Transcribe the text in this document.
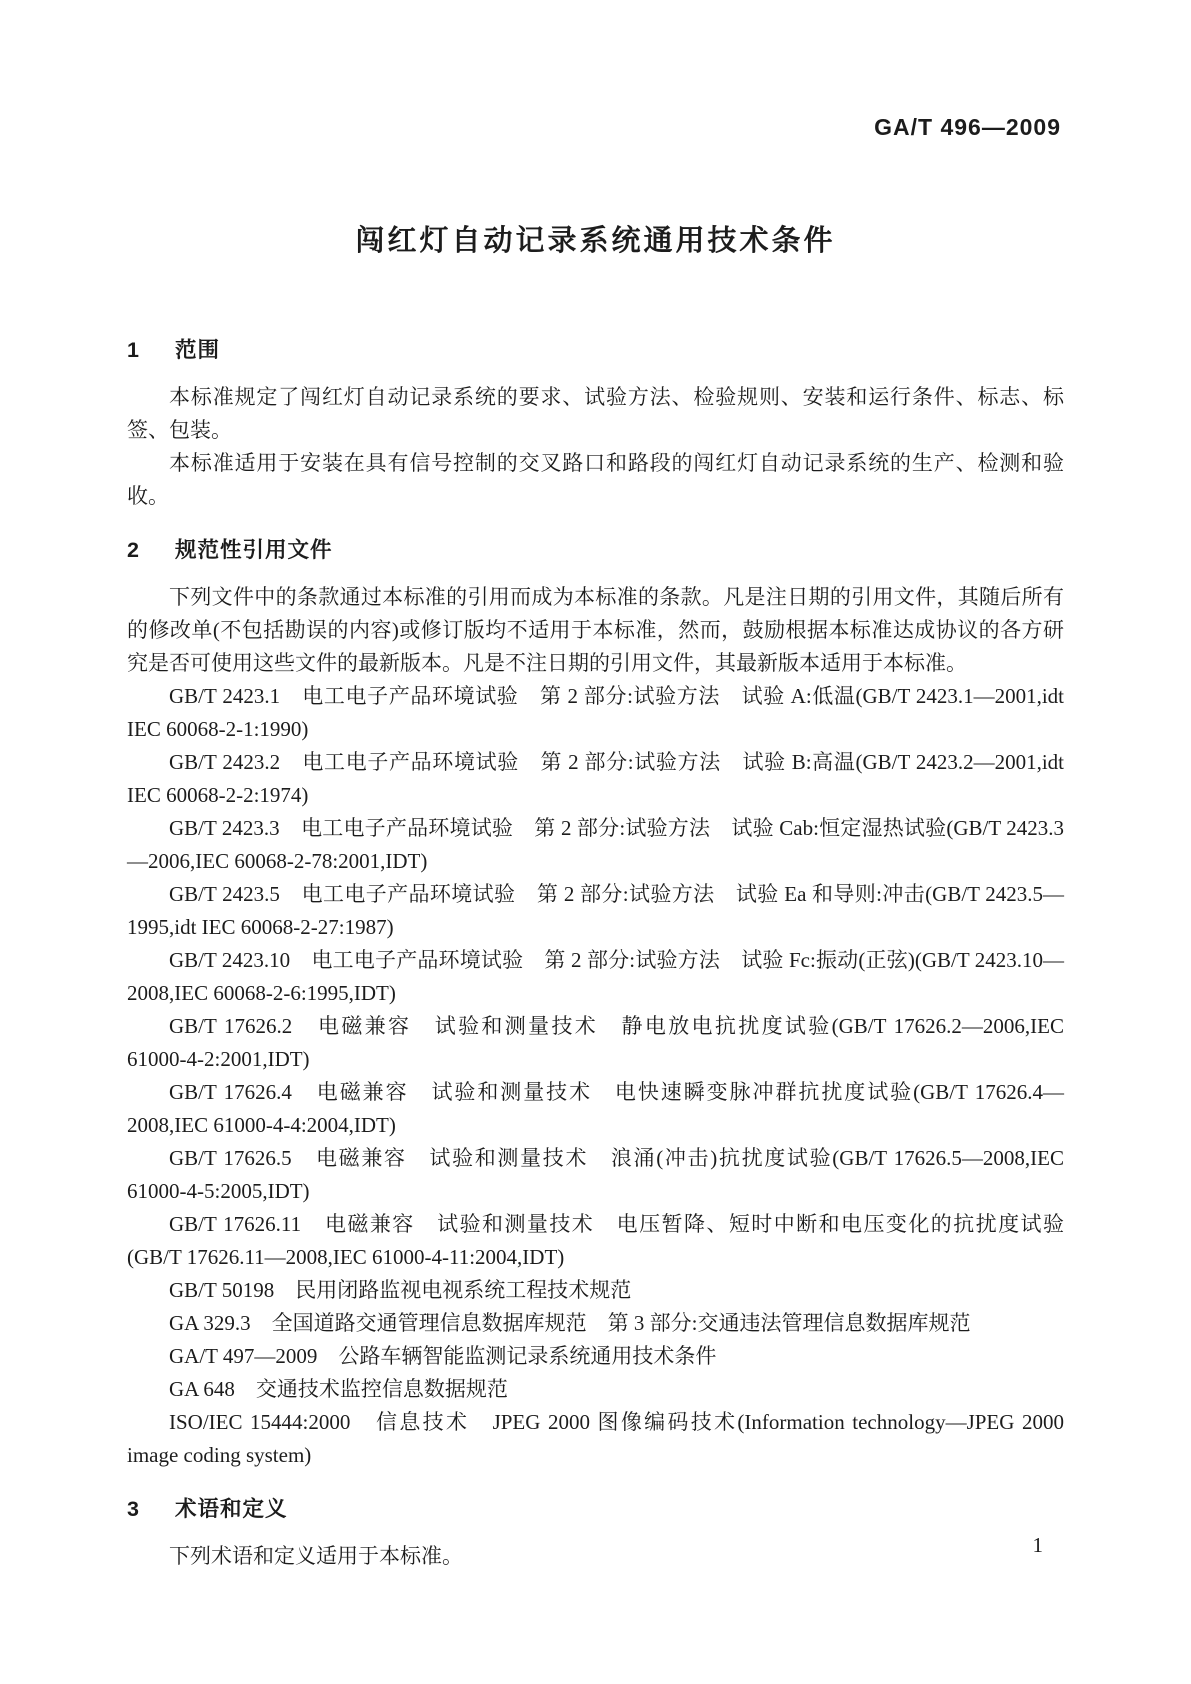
GA/T 496—2009
闯红灯自动记录系统通用技术条件
1 范围

本标准规定了闯红灯自动记录系统的要求、试验方法、检验规则、安装和运行条件、标志、标签、包装。

本标准适用于安装在具有信号控制的交叉路口和路段的闯红灯自动记录系统的生产、检测和验收。

2 规范性引用文件

下列文件中的条款通过本标准的引用而成为本标准的条款。凡是注日期的引用文件，其随后所有的修改单(不包括勘误的内容)或修订版均不适用于本标准，然而，鼓励根据本标准达成协议的各方研究是否可使用这些文件的最新版本。凡是不注日期的引用文件，其最新版本适用于本标准。

GB/T 2423.1　电工电子产品环境试验　第 2 部分:试验方法　试验 A:低温(GB/T 2423.1—2001,idt IEC 60068-2-1:1990)

GB/T 2423.2　电工电子产品环境试验　第 2 部分:试验方法　试验 B:高温(GB/T 2423.2—2001,idt IEC 60068-2-2:1974)

GB/T 2423.3　电工电子产品环境试验　第 2 部分:试验方法　试验 Cab:恒定湿热试验(GB/T 2423.3—2006,IEC 60068-2-78:2001,IDT)

GB/T 2423.5　电工电子产品环境试验　第 2 部分:试验方法　试验 Ea 和导则:冲击(GB/T 2423.5—1995,idt IEC 60068-2-27:1987)

GB/T 2423.10　电工电子产品环境试验　第 2 部分:试验方法　试验 Fc:振动(正弦)(GB/T 2423.10—2008,IEC 60068-2-6:1995,IDT)

GB/T 17626.2　电磁兼容　试验和测量技术　静电放电抗扰度试验(GB/T 17626.2—2006,IEC 61000-4-2:2001,IDT)

GB/T 17626.4　电磁兼容　试验和测量技术　电快速瞬变脉冲群抗扰度试验(GB/T 17626.4—2008,IEC 61000-4-4:2004,IDT)

GB/T 17626.5　电磁兼容　试验和测量技术　浪涌(冲击)抗扰度试验(GB/T 17626.5—2008,IEC 61000-4-5:2005,IDT)

GB/T 17626.11　电磁兼容　试验和测量技术　电压暂降、短时中断和电压变化的抗扰度试验(GB/T 17626.11—2008,IEC 61000-4-11:2004,IDT)

GB/T 50198　民用闭路监视电视系统工程技术规范

GA 329.3　全国道路交通管理信息数据库规范　第 3 部分:交通违法管理信息数据库规范

GA/T 497—2009　公路车辆智能监测记录系统通用技术条件

GA 648　交通技术监控信息数据规范

ISO/IEC 15444:2000　信息技术　JPEG 2000 图像编码技术(Information technology—JPEG 2000 image coding system)

3 术语和定义

下列术语和定义适用于本标准。	1
